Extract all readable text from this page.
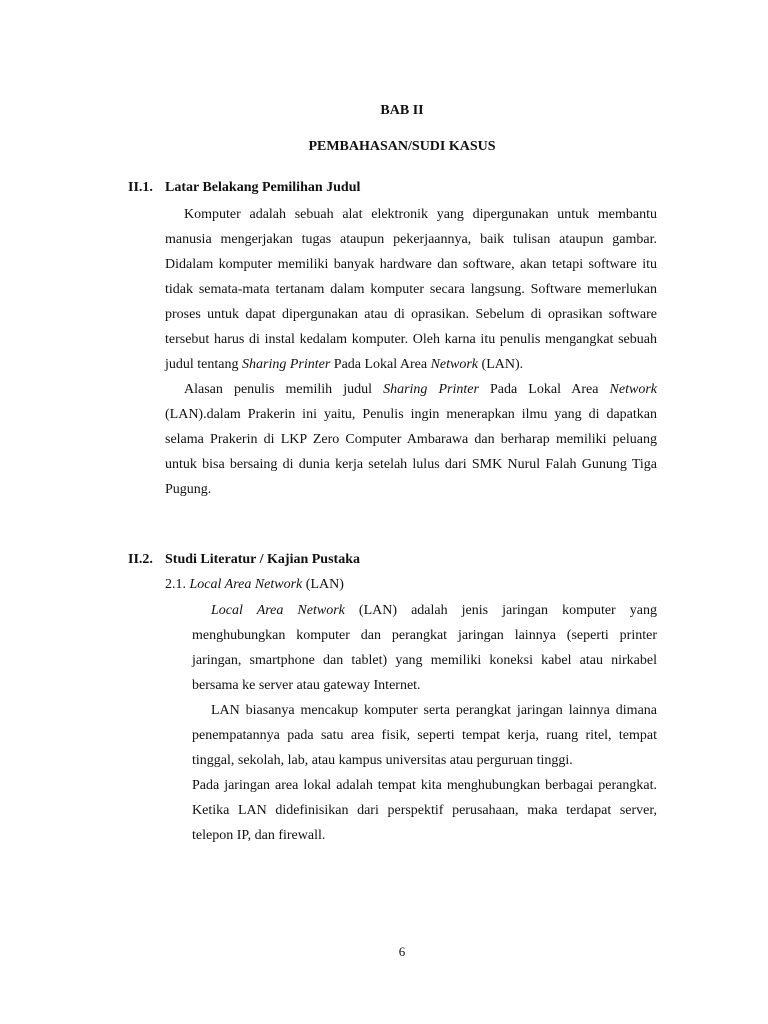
BAB II
PEMBAHASAN/SUDI KASUS
II.1. Latar Belakang Pemilihan Judul

Komputer adalah sebuah alat elektronik yang dipergunakan untuk membantu manusia mengerjakan tugas ataupun pekerjaannya, baik tulisan ataupun gambar. Didalam komputer memiliki banyak hardware dan software, akan tetapi software itu tidak semata-mata tertanam dalam komputer secara langsung. Software memerlukan proses untuk dapat dipergunakan atau di oprasikan. Sebelum di oprasikan software tersebut harus di instal kedalam komputer. Oleh karna itu penulis mengangkat sebuah judul tentang Sharing Printer Pada Lokal Area Network (LAN).

Alasan penulis memilih judul Sharing Printer Pada Lokal Area Network (LAN).dalam Prakerin ini yaitu, Penulis ingin menerapkan ilmu yang di dapatkan selama Prakerin di LKP Zero Computer Ambarawa dan berharap memiliki peluang untuk bisa bersaing di dunia kerja setelah lulus dari SMK Nurul Falah Gunung Tiga Pugung.

II.2. Studi Literatur / Kajian Pustaka
2.1. Local Area Network (LAN)

Local Area Network (LAN) adalah jenis jaringan komputer yang menghubungkan komputer dan perangkat jaringan lainnya (seperti printer jaringan, smartphone dan tablet) yang memiliki koneksi kabel atau nirkabel bersama ke server atau gateway Internet.

LAN biasanya mencakup komputer serta perangkat jaringan lainnya dimana penempatannya pada satu area fisik, seperti tempat kerja, ruang ritel, tempat tinggal, sekolah, lab, atau kampus universitas atau perguruan tinggi.

Pada jaringan area lokal adalah tempat kita menghubungkan berbagai perangkat. Ketika LAN didefinisikan dari perspektif perusahaan, maka terdapat server, telepon IP, dan firewall.

6
